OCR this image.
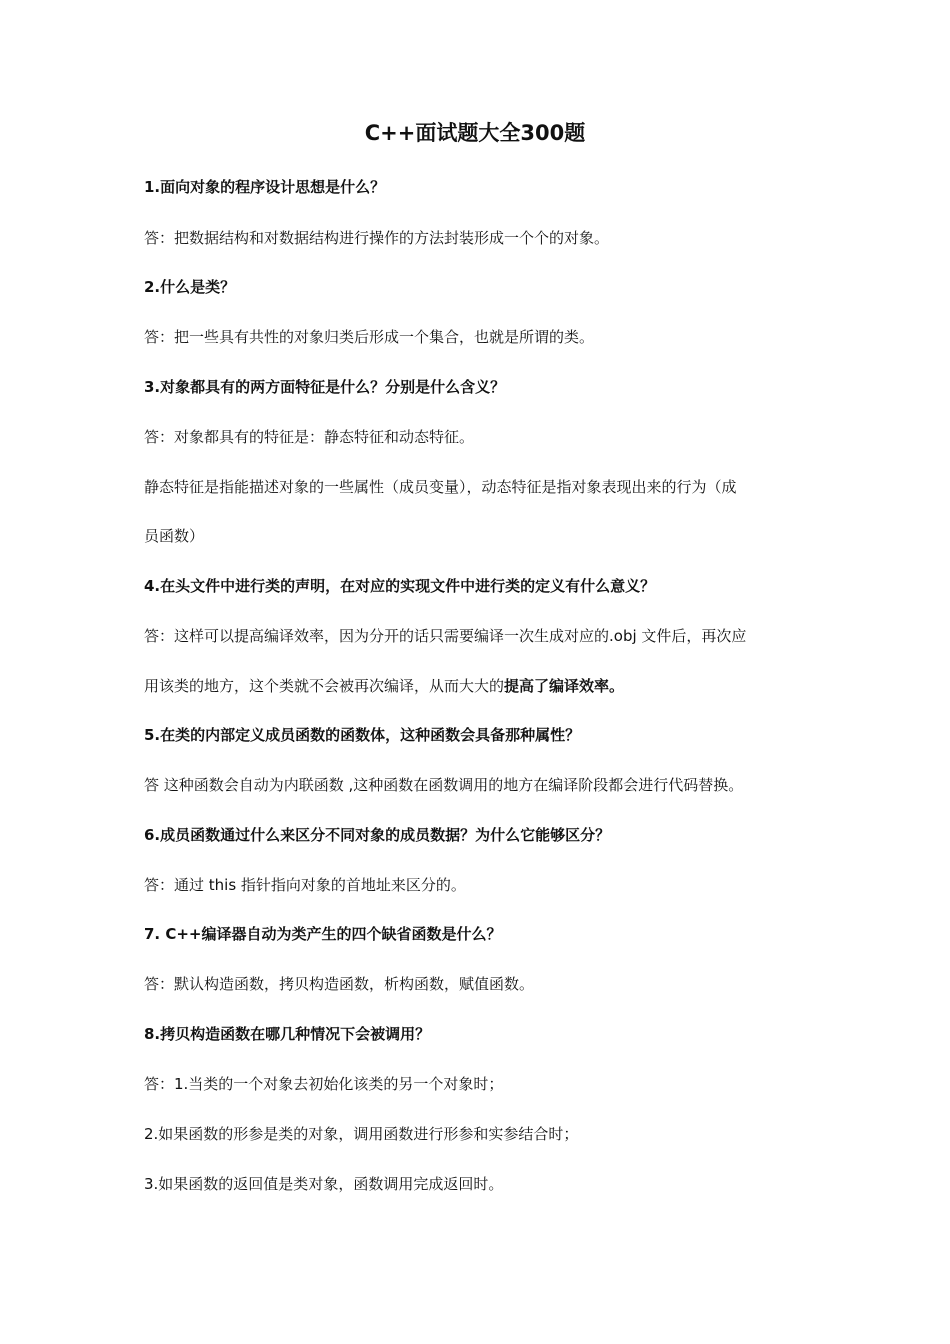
C++面试题大全300题
1.面向对象的程序设计思想是什么？
答：把数据结构和对数据结构进行操作的方法封装形成一个个的对象。
2.什么是类？
答：把一些具有共性的对象归类后形成一个集合，也就是所谓的类。
3.对象都具有的两方面特征是什么？分别是什么含义？
答：对象都具有的特征是：静态特征和动态特征。
静态特征是指能描述对象的一些属性（成员变量），动态特征是指对象表现出来的行为（成
员函数）
4.在头文件中进行类的声明，在对应的实现文件中进行类的定义有什么意义？
答：这样可以提高编译效率，因为分开的话只需要编译一次生成对应的.obj 文件后，再次应
用该类的地方，这个类就不会被再次编译，从而大大的提高了编译效率。
5.在类的内部定义成员函数的函数体，这种函数会具备那种属性？
答 这种函数会自动为内联函数 ,这种函数在函数调用的地方在编译阶段都会进行代码替换。
6.成员函数通过什么来区分不同对象的成员数据？为什么它能够区分？
答：通过 this 指针指向对象的首地址来区分的。
7. C++编译器自动为类产生的四个缺省函数是什么？
答：默认构造函数，拷贝构造函数，析构函数，赋值函数。
8.拷贝构造函数在哪几种情况下会被调用？
答：1.当类的一个对象去初始化该类的另一个对象时；
2.如果函数的形参是类的对象，调用函数进行形参和实参结合时；
3.如果函数的返回值是类对象，函数调用完成返回时。
